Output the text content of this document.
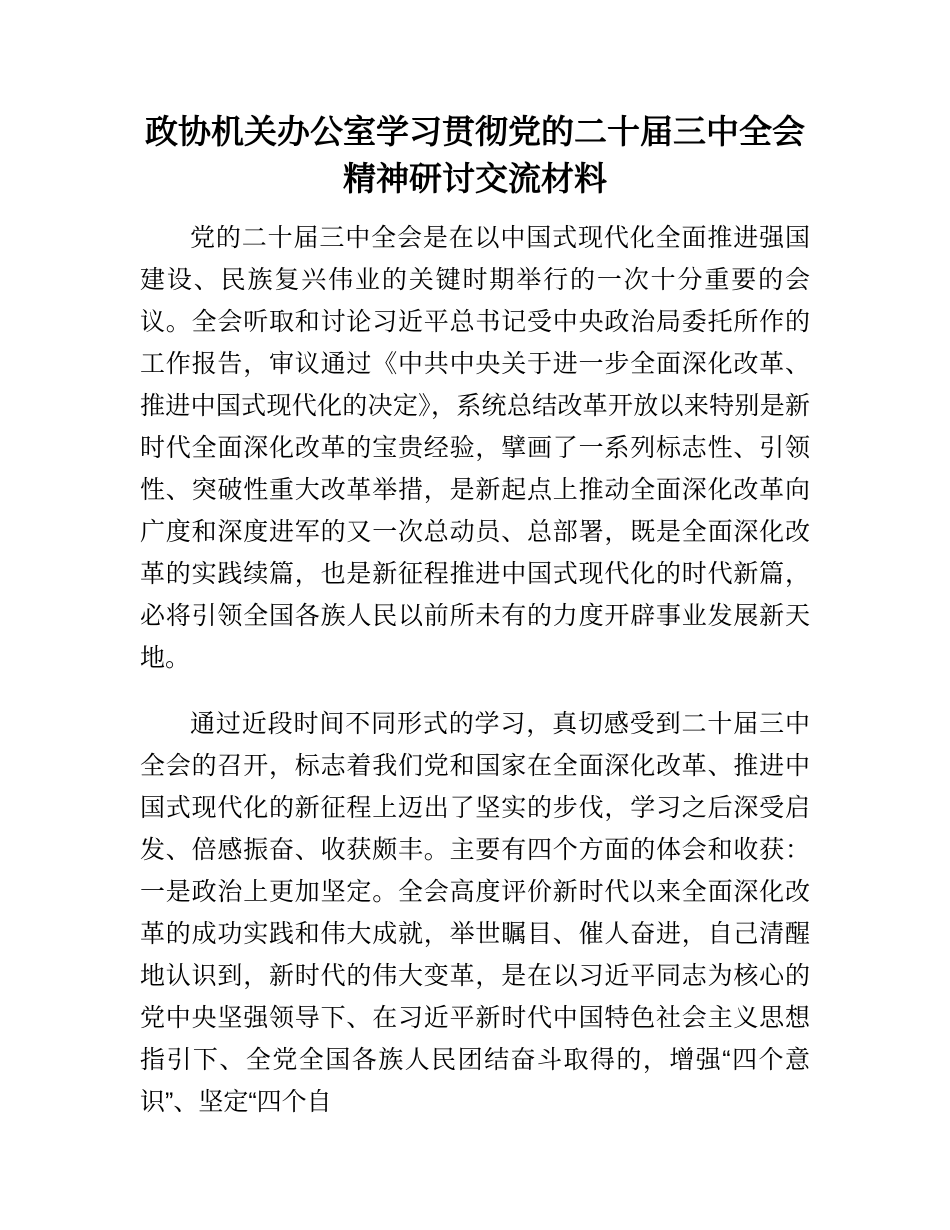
政协机关办公室学习贯彻党的二十届三中全会精神研讨交流材料

党的二十届三中全会是在以中国式现代化全面推进强国建设、民族复兴伟业的关键时期举行的一次十分重要的会议。全会听取和讨论习近平总书记受中央政治局委托所作的工作报告，审议通过《中共中央关于进一步全面深化改革、推进中国式现代化的决定》，系统总结改革开放以来特别是新时代全面深化改革的宝贵经验，擘画了一系列标志性、引领性、突破性重大改革举措，是新起点上推动全面深化改革向广度和深度进军的又一次总动员、总部署，既是全面深化改革的实践续篇，也是新征程推进中国式现代化的时代新篇，必将引领全国各族人民以前所未有的力度开辟事业发展新天地。

通过近段时间不同形式的学习，真切感受到二十届三中全会的召开，标志着我们党和国家在全面深化改革、推进中国式现代化的新征程上迈出了坚实的步伐，学习之后深受启发、倍感振奋、收获颇丰。主要有四个方面的体会和收获：一是政治上更加坚定。全会高度评价新时代以来全面深化改革的成功实践和伟大成就，举世瞩目、催人奋进，自己清醒地认识到，新时代的伟大变革，是在以习近平同志为核心的党中央坚强领导下、在习近平新时代中国特色社会主义思想指引下、全党全国各族人民团结奋斗取得的，增强“四个意识”、坚定“四个自
